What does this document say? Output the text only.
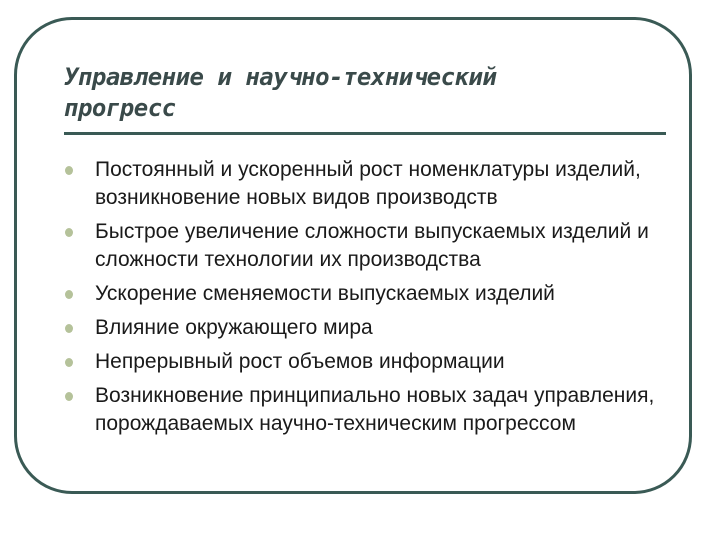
Управление и научно-технический
прогресс
Постоянный и ускоренный рост номенклатуры изделий, возникновение новых видов производств
Быстрое увеличение сложности выпускаемых изделий и сложности технологии их производства
Ускорение сменяемости выпускаемых изделий
Влияние окружающего мира
Непрерывный рост объемов информации
Возникновение принципиально новых задач управления, порождаваемых научно-техническим прогрессом
